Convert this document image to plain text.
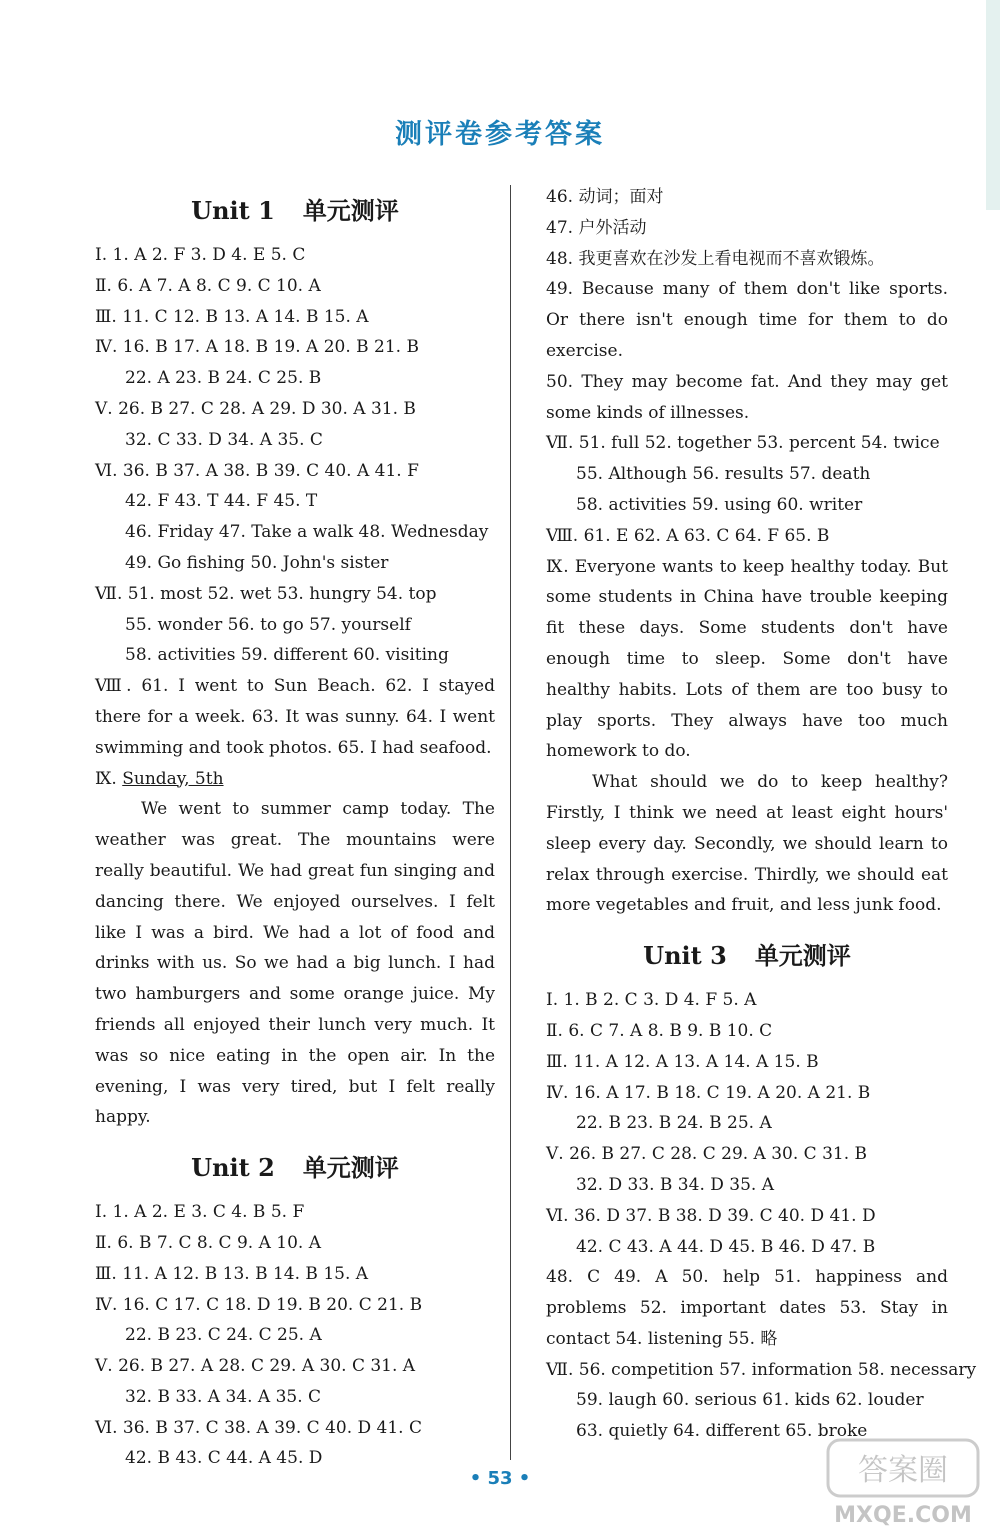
测评卷参考答案
Unit 1 单元测评
Ⅰ. 1. A 2. F 3. D 4. E 5. C
Ⅱ. 6. A 7. A 8. C 9. C 10. A
Ⅲ. 11. C 12. B 13. A 14. B 15. A
Ⅳ. 16. B 17. A 18. B 19. A 20. B 21. B
22. A 23. B 24. C 25. B
Ⅴ. 26. B 27. C 28. A 29. D 30. A 31. B
32. C 33. D 34. A 35. C
Ⅵ. 36. B 37. A 38. B 39. C 40. A 41. F
42. F 43. T 44. F 45. T
46. Friday 47. Take a walk 48. Wednesday
49. Go fishing 50. John's sister
Ⅶ. 51. most 52. wet 53. hungry 54. top
55. wonder 56. to go 57. yourself
58. activities 59. different 60. visiting
Ⅷ. 61. I went to Sun Beach. 62. I stayed there for a week. 63. It was sunny. 64. I went swimming and took photos. 65. I had seafood.
Ⅸ. Sunday, 5th
We went to summer camp today. The weather was great. The mountains were really beautiful. We had great fun singing and dancing there. We enjoyed ourselves. I felt like I was a bird. We had a lot of food and drinks with us. So we had a big lunch. I had two hamburgers and some orange juice. My friends all enjoyed their lunch very much. It was so nice eating in the open air. In the evening, I was very tired, but I felt really happy.
Unit 2 单元测评
Ⅰ. 1. A 2. E 3. C 4. B 5. F
Ⅱ. 6. B 7. C 8. C 9. A 10. A
Ⅲ. 11. A 12. B 13. B 14. B 15. A
Ⅳ. 16. C 17. C 18. D 19. B 20. C 21. B
22. B 23. C 24. C 25. A
Ⅴ. 26. B 27. A 28. C 29. A 30. C 31. A
32. B 33. A 34. A 35. C
Ⅵ. 36. B 37. C 38. A 39. C 40. D 41. C
42. B 43. C 44. A 45. D
46. 动词；面对
47. 户外活动
48. 我更喜欢在沙发上看电视而不喜欢锻炼。
49. Because many of them don't like sports. Or there isn't enough time for them to do exercise.
50. They may become fat. And they may get some kinds of illnesses.
Ⅶ. 51. full 52. together 53. percent 54. twice
55. Although 56. results 57. death
58. activities 59. using 60. writer
Ⅷ. 61. E 62. A 63. C 64. F 65. B
Ⅸ. Everyone wants to keep healthy today. But some students in China have trouble keeping fit these days. Some students don't have enough time to sleep. Some don't have healthy habits. Lots of them are too busy to play sports. They always have too much homework to do.
What should we do to keep healthy? Firstly, I think we need at least eight hours' sleep every day. Secondly, we should learn to relax through exercise. Thirdly, we should eat more vegetables and fruit, and less junk food.
Unit 3 单元测评
Ⅰ. 1. B 2. C 3. D 4. F 5. A
Ⅱ. 6. C 7. A 8. B 9. B 10. C
Ⅲ. 11. A 12. A 13. A 14. A 15. B
Ⅳ. 16. A 17. B 18. C 19. A 20. A 21. B
22. B 23. B 24. B 25. A
Ⅴ. 26. B 27. C 28. C 29. A 30. C 31. B
32. D 33. B 34. D 35. A
Ⅵ. 36. D 37. B 38. D 39. C 40. D 41. D
42. C 43. A 44. D 45. B 46. D 47. B
48. C 49. A 50. help 51. happiness and problems 52. important dates 53. Stay in contact 54. listening 55. 略
Ⅶ. 56. competition 57. information 58. necessary
59. laugh 60. serious 61. kids 62. louder
63. quietly 64. different 65. broke
• 53 •	答案圈
MXQE.COM
